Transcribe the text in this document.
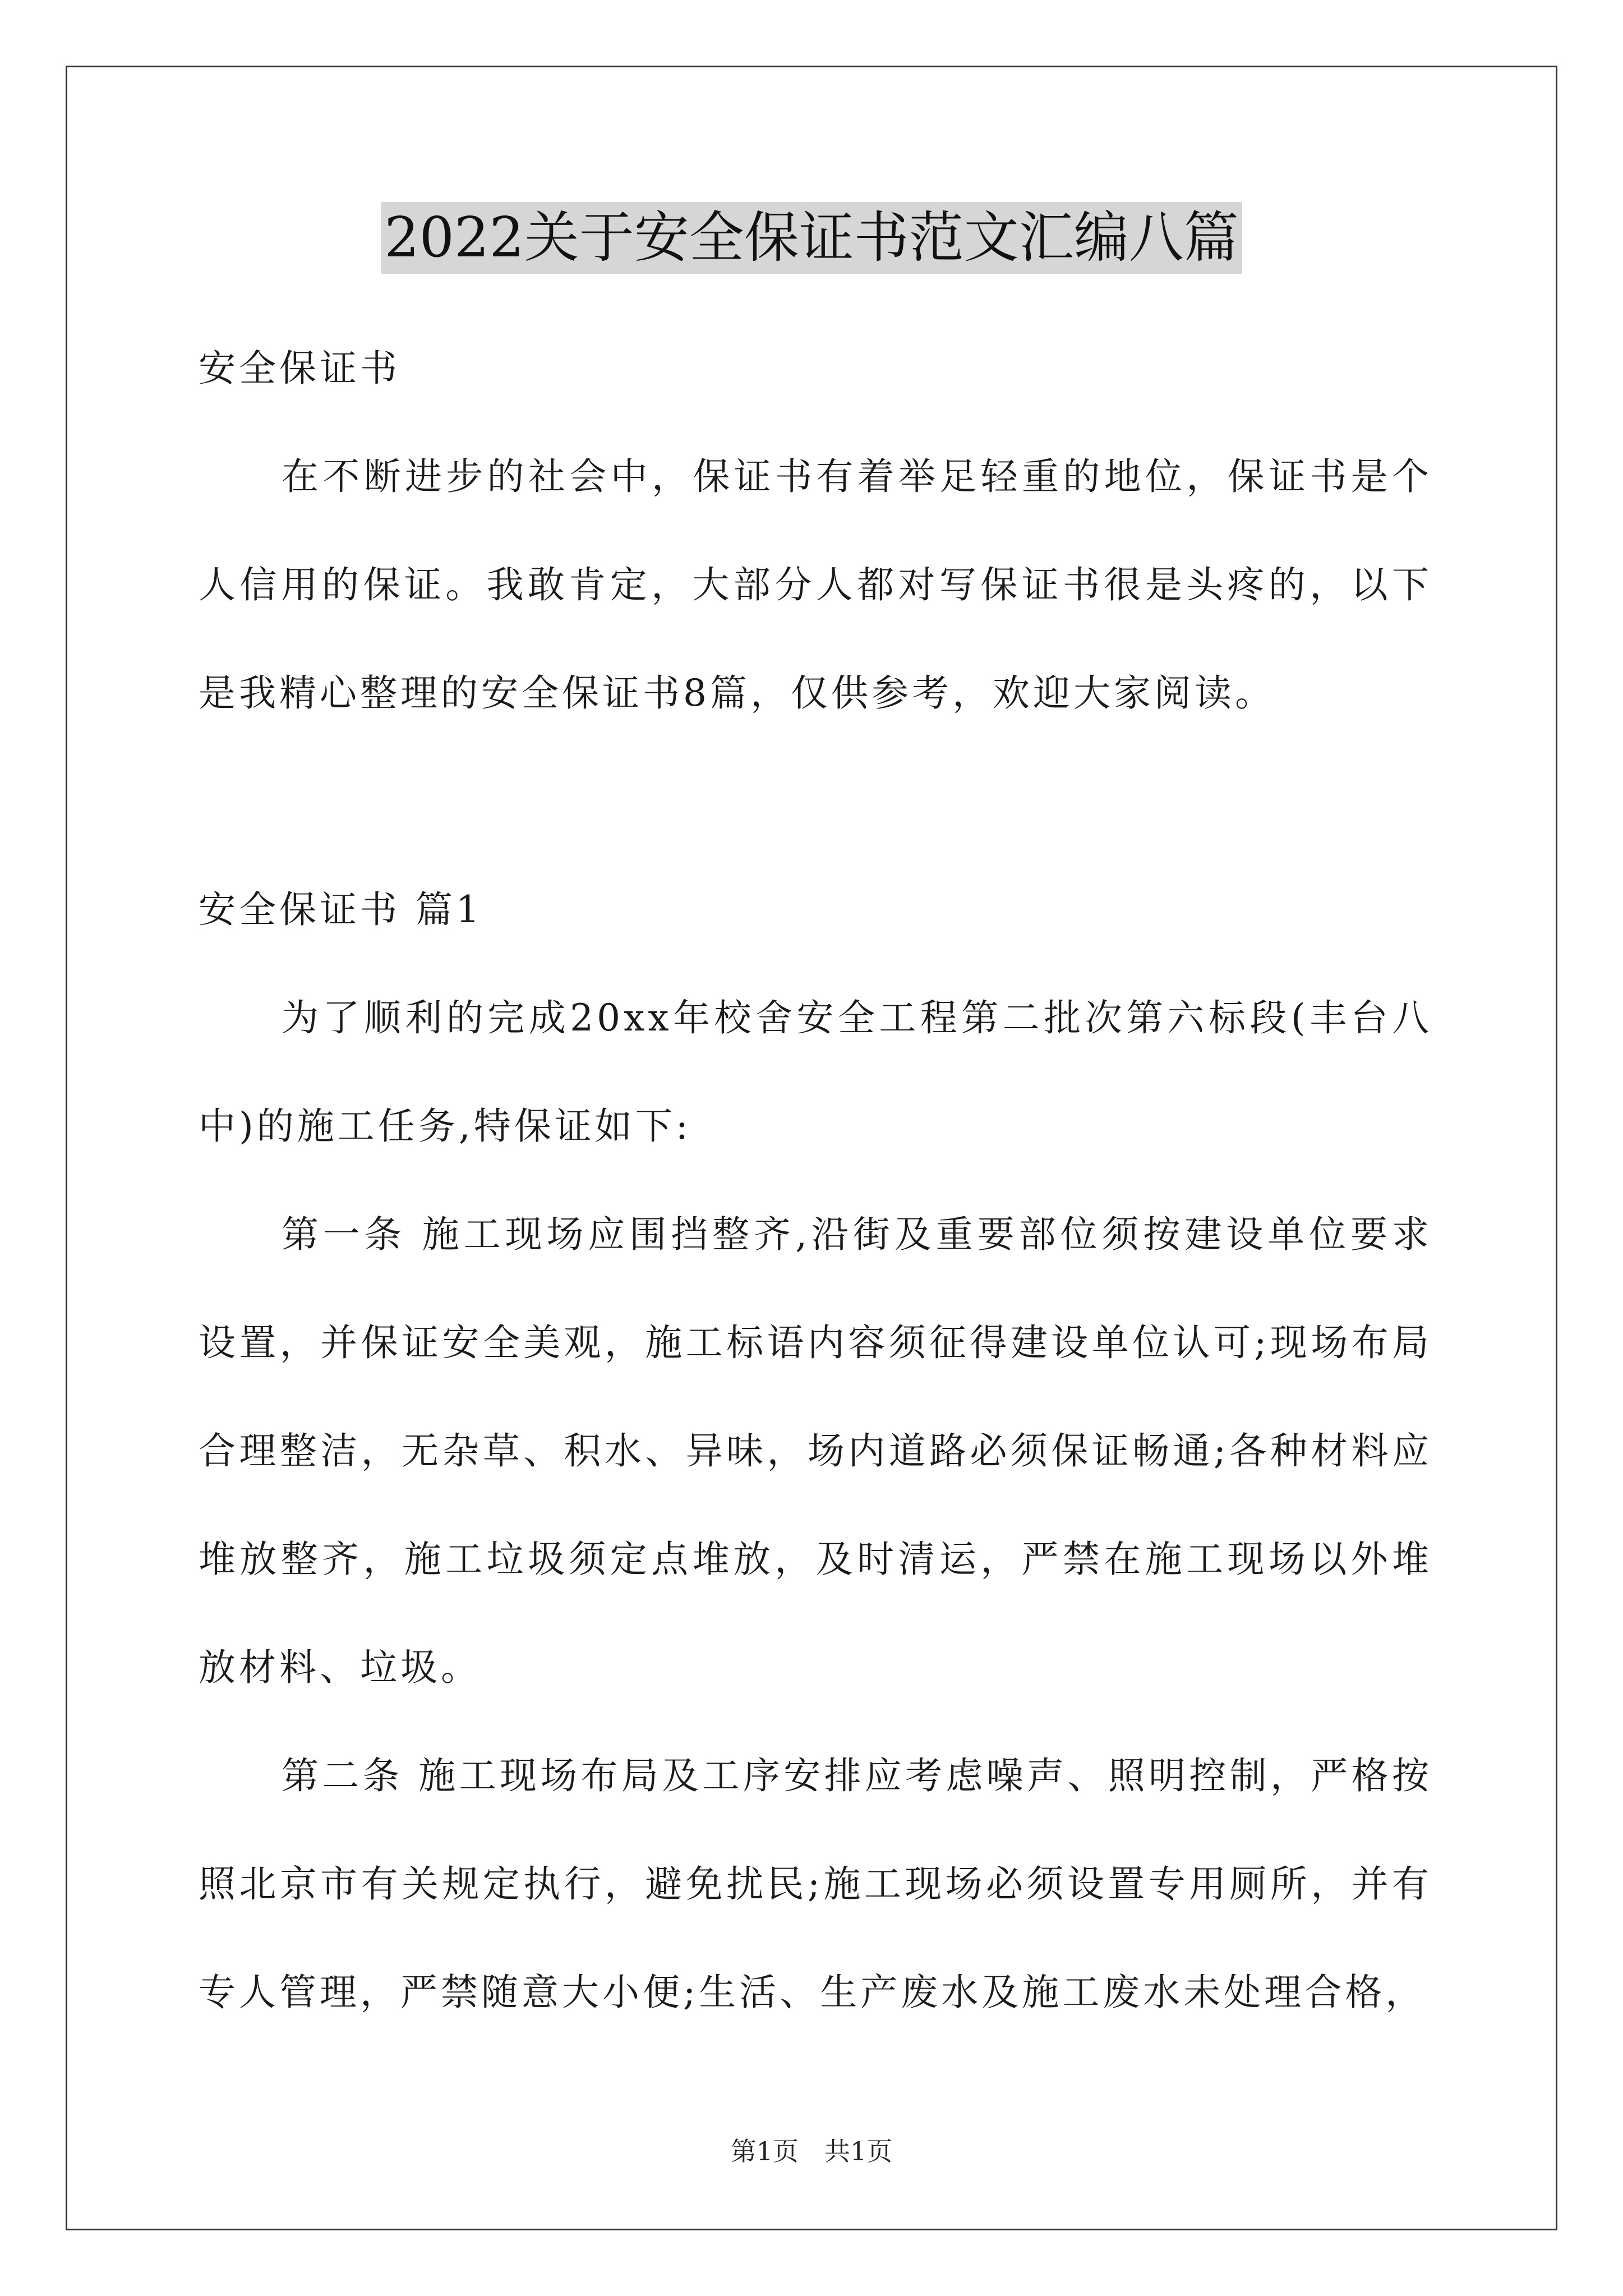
2022关于安全保证书范文汇编八篇

安全保证书

在不断进步的社会中，保证书有着举足轻重的地位，保证书是个人信用的保证。我敢肯定，大部分人都对写保证书很是头疼的，以下是我精心整理的安全保证书8篇，仅供参考，欢迎大家阅读。

安全保证书 篇1

为了顺利的完成20xx年校舍安全工程第二批次第六标段(丰台八中)的施工任务,特保证如下:

第一条 施工现场应围挡整齐,沿街及重要部位须按建设单位要求设置，并保证安全美观，施工标语内容须征得建设单位认可;现场布局合理整洁，无杂草、积水、异味，场内道路必须保证畅通;各种材料应堆放整齐，施工垃圾须定点堆放，及时清运，严禁在施工现场以外堆放材料、垃圾。

第二条 施工现场布局及工序安排应考虑噪声、照明控制，严格按照北京市有关规定执行，避免扰民;施工现场必须设置专用厕所，并有专人管理，严禁随意大小便;生活、生产废水及施工废水未处理合格，

第1页　共1页
